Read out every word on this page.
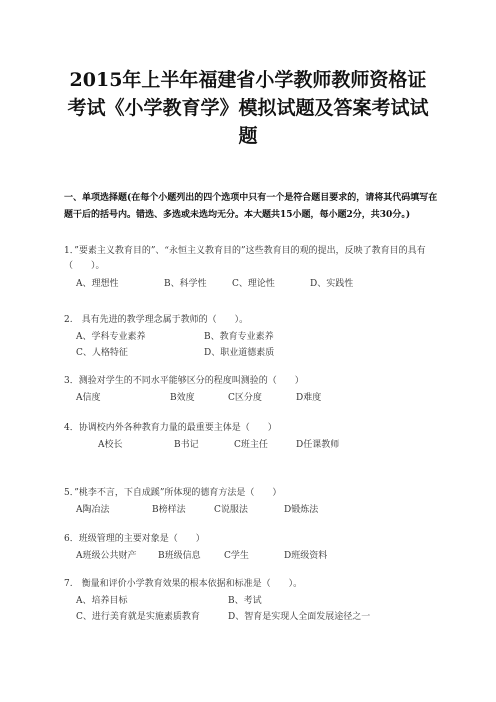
2015年上半年福建省小学教师教师资格证
考试《小学教育学》模拟试题及答案考试试
题
一、单项选择题(在每个小题列出的四个选项中只有一个是符合题目要求的，请将其代码填写在题干后的括号内。错选、多选或未选均无分。本大题共15小题，每小题2分，共30分。)
1．”要素主义教育目的”、“永恒主义教育目的”这些教育目的观的提出，反映了教育目的具有（　　）。
A、理想性	B、科学性	C、理论性	D、实践性
2.　具有先进的教学理念属于教师的（　　）。
A、学科专业素养	B、教育专业素养
C、人格特征	D、职业道德素质
3．测验对学生的不同水平能够区分的程度叫测验的（　　）
A信度	B效度	C区分度	D难度
4．协调校内外各种教育力量的最重要主体是（　　）
A校长	B书记	C班主任	D任课教师
5．”桃李不言，下自成蹊”所体现的德育方法是（　　）
A陶冶法	B榜样法	C说服法	D锻炼法
6．班级管理的主要对象是（　　）
A班级公共财产 B班级信息	C学生	D班级资料
7.　衡量和评价小学教育效果的根本依据和标准是（　　）。
A、培养目标	B、考试
C、进行美育就是实施素质教育	D、智育是实现人全面发展途径之一
